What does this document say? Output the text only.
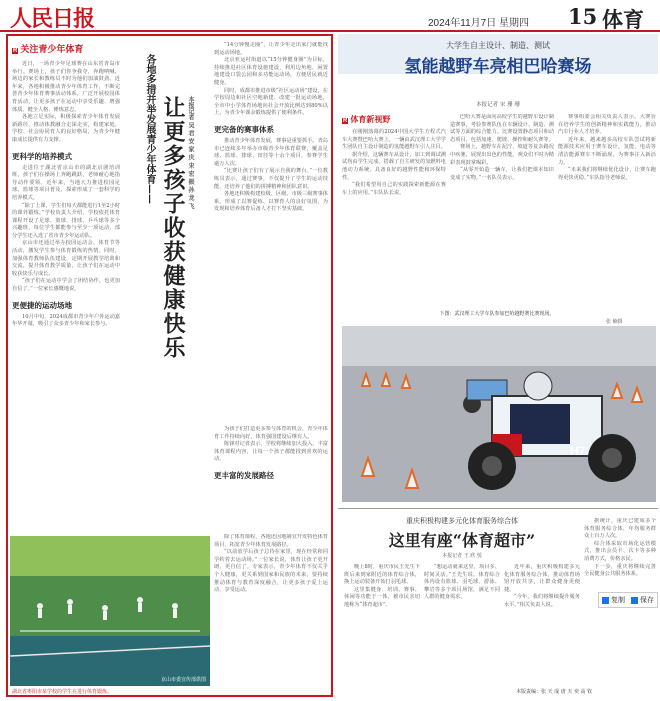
人民日报	2024年11月7日 星期四 15 体育
R 关注青少年体育

近日，一场青少年足球赛在山东省青岛市举行。赛场上，孩子们你争我夺，奔跑呐喊，场边的家长和教练员不时为他们加油鼓劲。近年来，各地积极推动青少年体育工作，不断完善青少年体育赛事活动体系，广泛开展校园体育活动，让更多孩子在运动中享受乐趣、增强体质、健全人格、锤炼意志。

各地立足实际，积极探索青少年体育发展新路径，推动体教融合走深走实，构建家庭、学校、社会协同育人的良好格局，为青少年健康成长提供有力支撑。

更科学的培养模式

走进位于湖北省京山市的湖北京剧培训班，孩子们在操场上奔跑跳跃，老师耐心地指导动作要领。近年来，当地大力推进校园足球、篮球等项目普及，探索形成了一套科学的培养模式。

“除了上课，学生们每天都能进行1至2小时的课外锻炼。”学校负责人介绍，学校依托体育课程开设了足球、篮球、排球、乒乓球等多个兴趣班，每位学生都能参与至少一项运动，部分学生还入选了省市青少年运动队。

京山市还通过举办校园运动会、体育节等活动，激发学生参与体育锻炼的热情。同时，加强体育教师队伍建设，定期开展教学培训和交流，提升体育教学质量，让孩子们在运动中收获快乐与成长。

“孩子们在运动中学会了团结协作，也更加自信了。”一位家长感慨地说。

更便捷的运动场地

10月中旬，2024成都市青少年户外运动嘉年华开幕，吸引了众多青少年和家长参与。

各地多措并举发展青少年体育—— 让更多孩子收获健康快乐 本报记者 吴 君 安 家 庆 宋 宏 振 孙 龙 飞

“14分钟慢走圈”，让青少年走出家门就能找到运动场地。

北京亚运村街道以“15分钟健身圈”为目标，持续推进社区体育设施建设，利用边角地、闲置地建设口袋公园和多功能运动场，方便居民就近健身。

同时，成都市推进市级“社区运动场”建设，在学校周边和社区空地新建、改建一批运动场地，全市中小学体育场地向社会开放比例达到80%以上，为青少年课余锻炼提供了便利条件。

更完备的赛事体系

推动青少年体育发展，赛事是重要抓手。青岛市已连续多年举办市级青少年体育联赛，覆盖足球、篮球、排球、田径等十余个项目，参赛学生逾万人次。

“比赛让孩子们有了展示自我的舞台。”一位教练员表示，通过赛事，不仅提升了学生的运动技能，还培养了他们的拼搏精神和团队意识。

各地还积极构建校级、区级、市级三级赛事体系，形成了以赛促练、以赛育人的良好氛围，为发现和培养体育后备人才打下坚实基础。

为孩子们打造更多参与体育的机会，青少年体育工作持续向好，体育强国建设后继有人。

陈锋对记者表示，学校将继续加大投入，丰富体育课程内容，让每一个孩子都能找到喜欢的运动。

更丰富的发展路径

除了体育课程，各地还因地制宜开发特色体育项目，拓宽青少年体育发展路径。

“以前放学后孩子总待在家里，现在经常和同学约着去运动场。”一位家长说，体育让孩子更开朗、更自信了。专家表示，青少年体育不仅关乎个人健康，更关系到国家和民族的未来，要持续推动体育与教育深度融合，让更多孩子爱上运动、享受运动。

京山市委宣传部供图
湖北省枣阳市某学校的学生在进行体育锻炼。
大学生自主设计、制造、测试
氢能越野车亮相巴哈赛场
本报记者 宋 珊 珊
R 体育新视野

在刚刚落幕的2024中国大学生方程式汽车大赛暨巴哈大赛上，一辆由武汉理工大学学生团队自主设计制造的氢能越野车引人注目。

据介绍，这辆赛车从设计、加工到调试测试均由学生完成，搭载了自主研发的氢燃料电池动力系统，具备良好的越野性能和环保特性。

“我们希望用自己的实践探索新能源在赛车上的应用。”车队队长说。

巴哈大赛是面向高校学生的越野车设计制造赛事，考验参赛队伍在车辆设计、制造、测试等方面的综合能力。比赛设置静态项目和动态项目，包括加速、爬坡、操控和耐久赛等。

赛场上，越野车在泥泞、坡道等复杂路况中疾驰，展现出出色的性能。观众们不时为精彩表现鼓掌喝彩。

“从零开始造一辆车，让我们把课本知识变成了实物。”一名队员表示。

赛事组委会相关负责人表示，大赛旨在培养学生的创新精神和实践能力，推动汽车行业人才培养。

近年来，越来越多高校车队尝试将新能源技术应用于赛车设计，氢能、电动等清洁能源赛车不断涌现，为赛事注入新活力。

“未来我们将继续优化设计，让赛车跑得更快更稳。”车队指导老师说。

下图：武汉理工大学车队参加巴哈越野赛比赛现场。
张 楠摄
H7
重庆积极构建多元化体育服务综合体
这里有座“体育超市”
本报记者 王 欣 悦

晚上8时，重庆市民王先生下班后来到家附近的体育综合体，换上运动装备开始打羽毛球。

这里集健身、培训、赛事、休闲等功能于一体，被市民亲切地称为“体育超市”。

“想运动就来这里，项目多、时间灵活。”王先生说。体育综合体内设有篮球、羽毛球、游泳、攀岩等多个项目场馆，满足不同人群的健身需求。

近年来，重庆积极构建多元化体育服务综合体，推动体育场馆开放共享，让群众健身更便捷。

“今年，我们将继续提升服务水平。”相关负责人说。

据统计，重庆已建成多个体育服务综合体，年均服务群众上百万人次。

综合体采取市场化运营模式，推出会员卡、次卡等多种消费方式，价格亲民。

下一步，重庆将继续完善全民健身公共服务体系。

本版责编：张 天 成 唐 天 奕 高 钦
复制 保存
